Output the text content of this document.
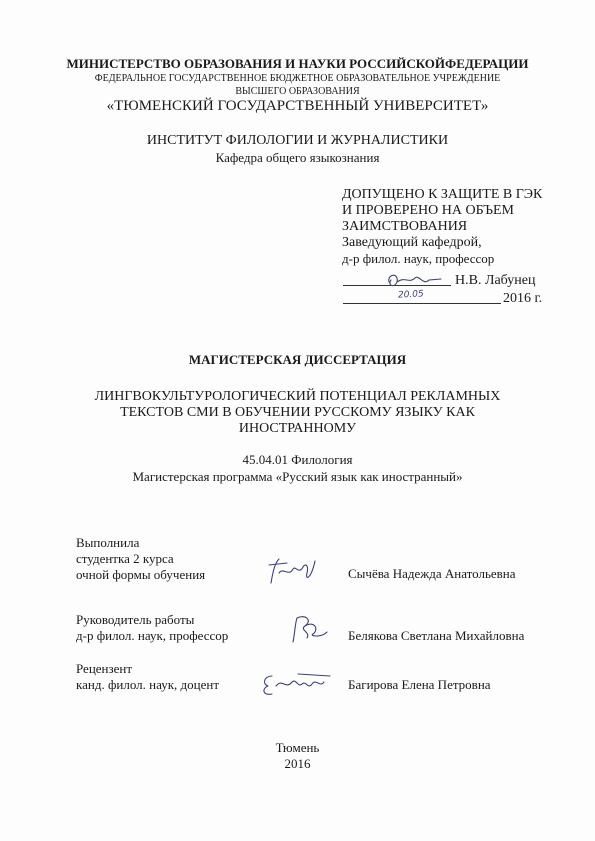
МИНИСТЕРСТВО ОБРАЗОВАНИЯ И НАУКИ РОССИЙСКОЙФЕДЕРАЦИИ
ФЕДЕРАЛЬНОЕ ГОСУДАРСТВЕННОЕ БЮДЖЕТНОЕ ОБРАЗОВАТЕЛЬНОЕ УЧРЕЖДЕНИЕ
ВЫСШЕГО ОБРАЗОВАНИЯ
«ТЮМЕНСКИЙ ГОСУДАРСТВЕННЫЙ УНИВЕРСИТЕТ»
ИНСТИТУТ ФИЛОЛОГИИ И ЖУРНАЛИСТИКИ
Кафедра общего языкознания
ДОПУЩЕНО К ЗАЩИТЕ В ГЭК
И ПРОВЕРЕНО НА ОБЪЕМ
ЗАИМСТВОВАНИЯ
Заведующий кафедрой,
д-р филол. наук, профессор
Н.В. Лабунец
20.05	2016 г.
МАГИСТЕРСКАЯ ДИССЕРТАЦИЯ
ЛИНГВОКУЛЬТУРОЛОГИЧЕСКИЙ ПОТЕНЦИАЛ РЕКЛАМНЫХ
ТЕКСТОВ СМИ В ОБУЧЕНИИ РУССКОМУ ЯЗЫКУ КАК
ИНОСТРАННОМУ
45.04.01 Филология
Магистерская программа «Русский язык как иностранный»
Выполнила
студентка 2 курса
очной формы обучения	Сычёва Надежда Анатольевна
Руководитель работы
д-р филол. наук, профессор	Белякова Светлана Михайловна
Рецензент
канд. филол. наук, доцент	Багирова Елена Петровна
Тюмень
2016
